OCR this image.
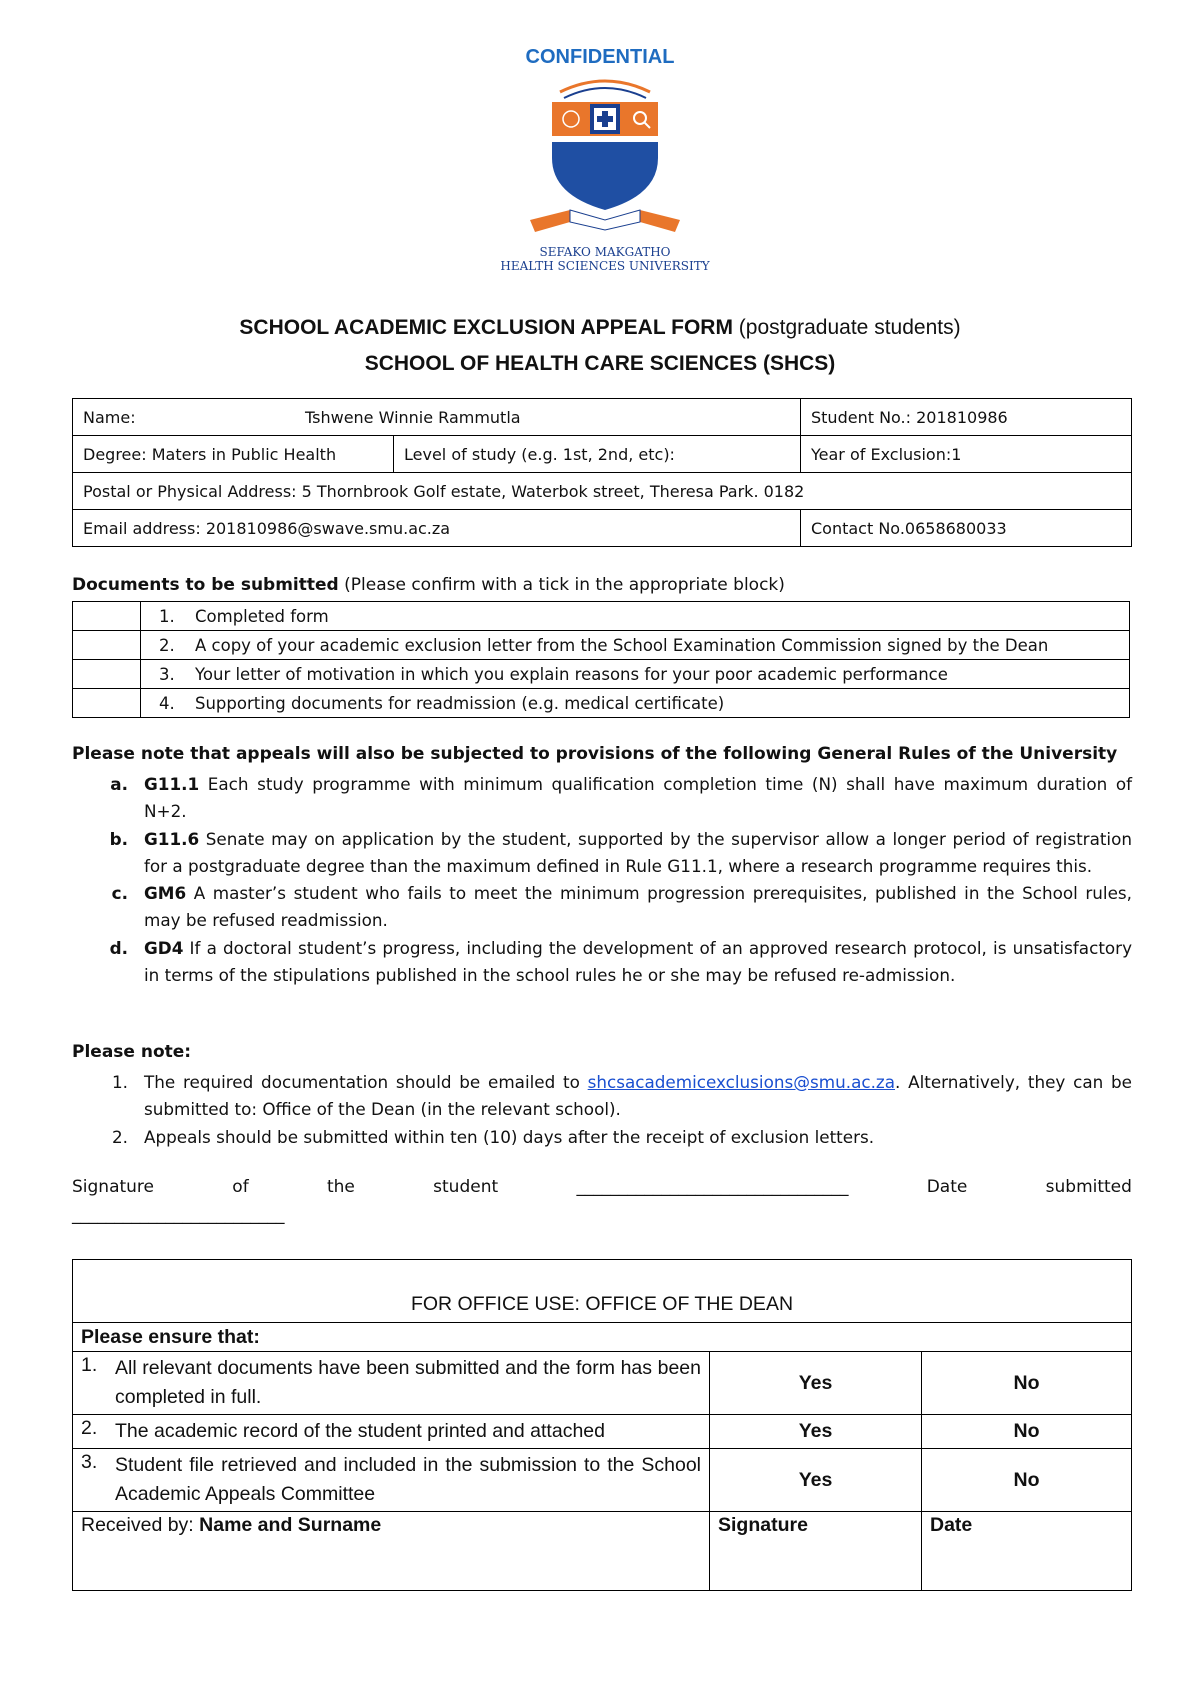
CONFIDENTIAL
SEFAKO MAKGATHO
HEALTH SCIENCES UNIVERSITY
SCHOOL ACADEMIC EXCLUSION APPEAL FORM (postgraduate students)
SCHOOL OF HEALTH CARE SCIENCES (SHCS)
Name: Tshwene Winnie Rammutla		Student No.: 201810986
Degree: Maters in Public Health	Level of study (e.g. 1st, 2nd, etc):	Year of Exclusion:1
Postal or Physical Address: 5 Thornbrook Golf estate, Waterbok street, Theresa Park. 0182		
Email address: 201810986@swave.smu.ac.za		Contact No.0658680033
Documents to be submitted (Please confirm with a tick in the appropriate block)
	1. Completed form
	2. A copy of your academic exclusion letter from the School Examination Commission signed by the Dean
	3. Your letter of motivation in which you explain reasons for your poor academic performance
	4. Supporting documents for readmission (e.g. medical certificate)
Please note that appeals will also be subjected to provisions of the following General Rules of the University
a. G11.1 Each study programme with minimum qualification completion time (N) shall have maximum duration of N+2.
b. G11.6 Senate may on application by the student, supported by the supervisor allow a longer period of registration for a postgraduate degree than the maximum defined in Rule G11.1, where a research programme requires this.
c. GM6 A master’s student who fails to meet the minimum progression prerequisites, published in the School rules, may be refused readmission.
d. GD4 If a doctoral student’s progress, including the development of an approved research protocol, is unsatisfactory in terms of the stipulations published in the school rules he or she may be refused re-admission.
Please note:
1. The required documentation should be emailed to shcsacademicexclusions@smu.ac.za. Alternatively, they can be submitted to: Office of the Dean (in the relevant school).
2. Appeals should be submitted within ten (10) days after the receipt of exclusion letters.
Signature	of	the	student	________________________________	Date	submitted
_________________________
FOR OFFICE USE: OFFICE OF THE DEAN		
Please ensure that:		

1. All relevant documents have been submitted and the form has been completed in full.	Yes	No

2. The academic record of the student printed and attached	Yes	No

3. Student file retrieved and included in the submission to the School Academic Appeals Committee	Yes	No
Received by: Name and Surname	Signature	Date
